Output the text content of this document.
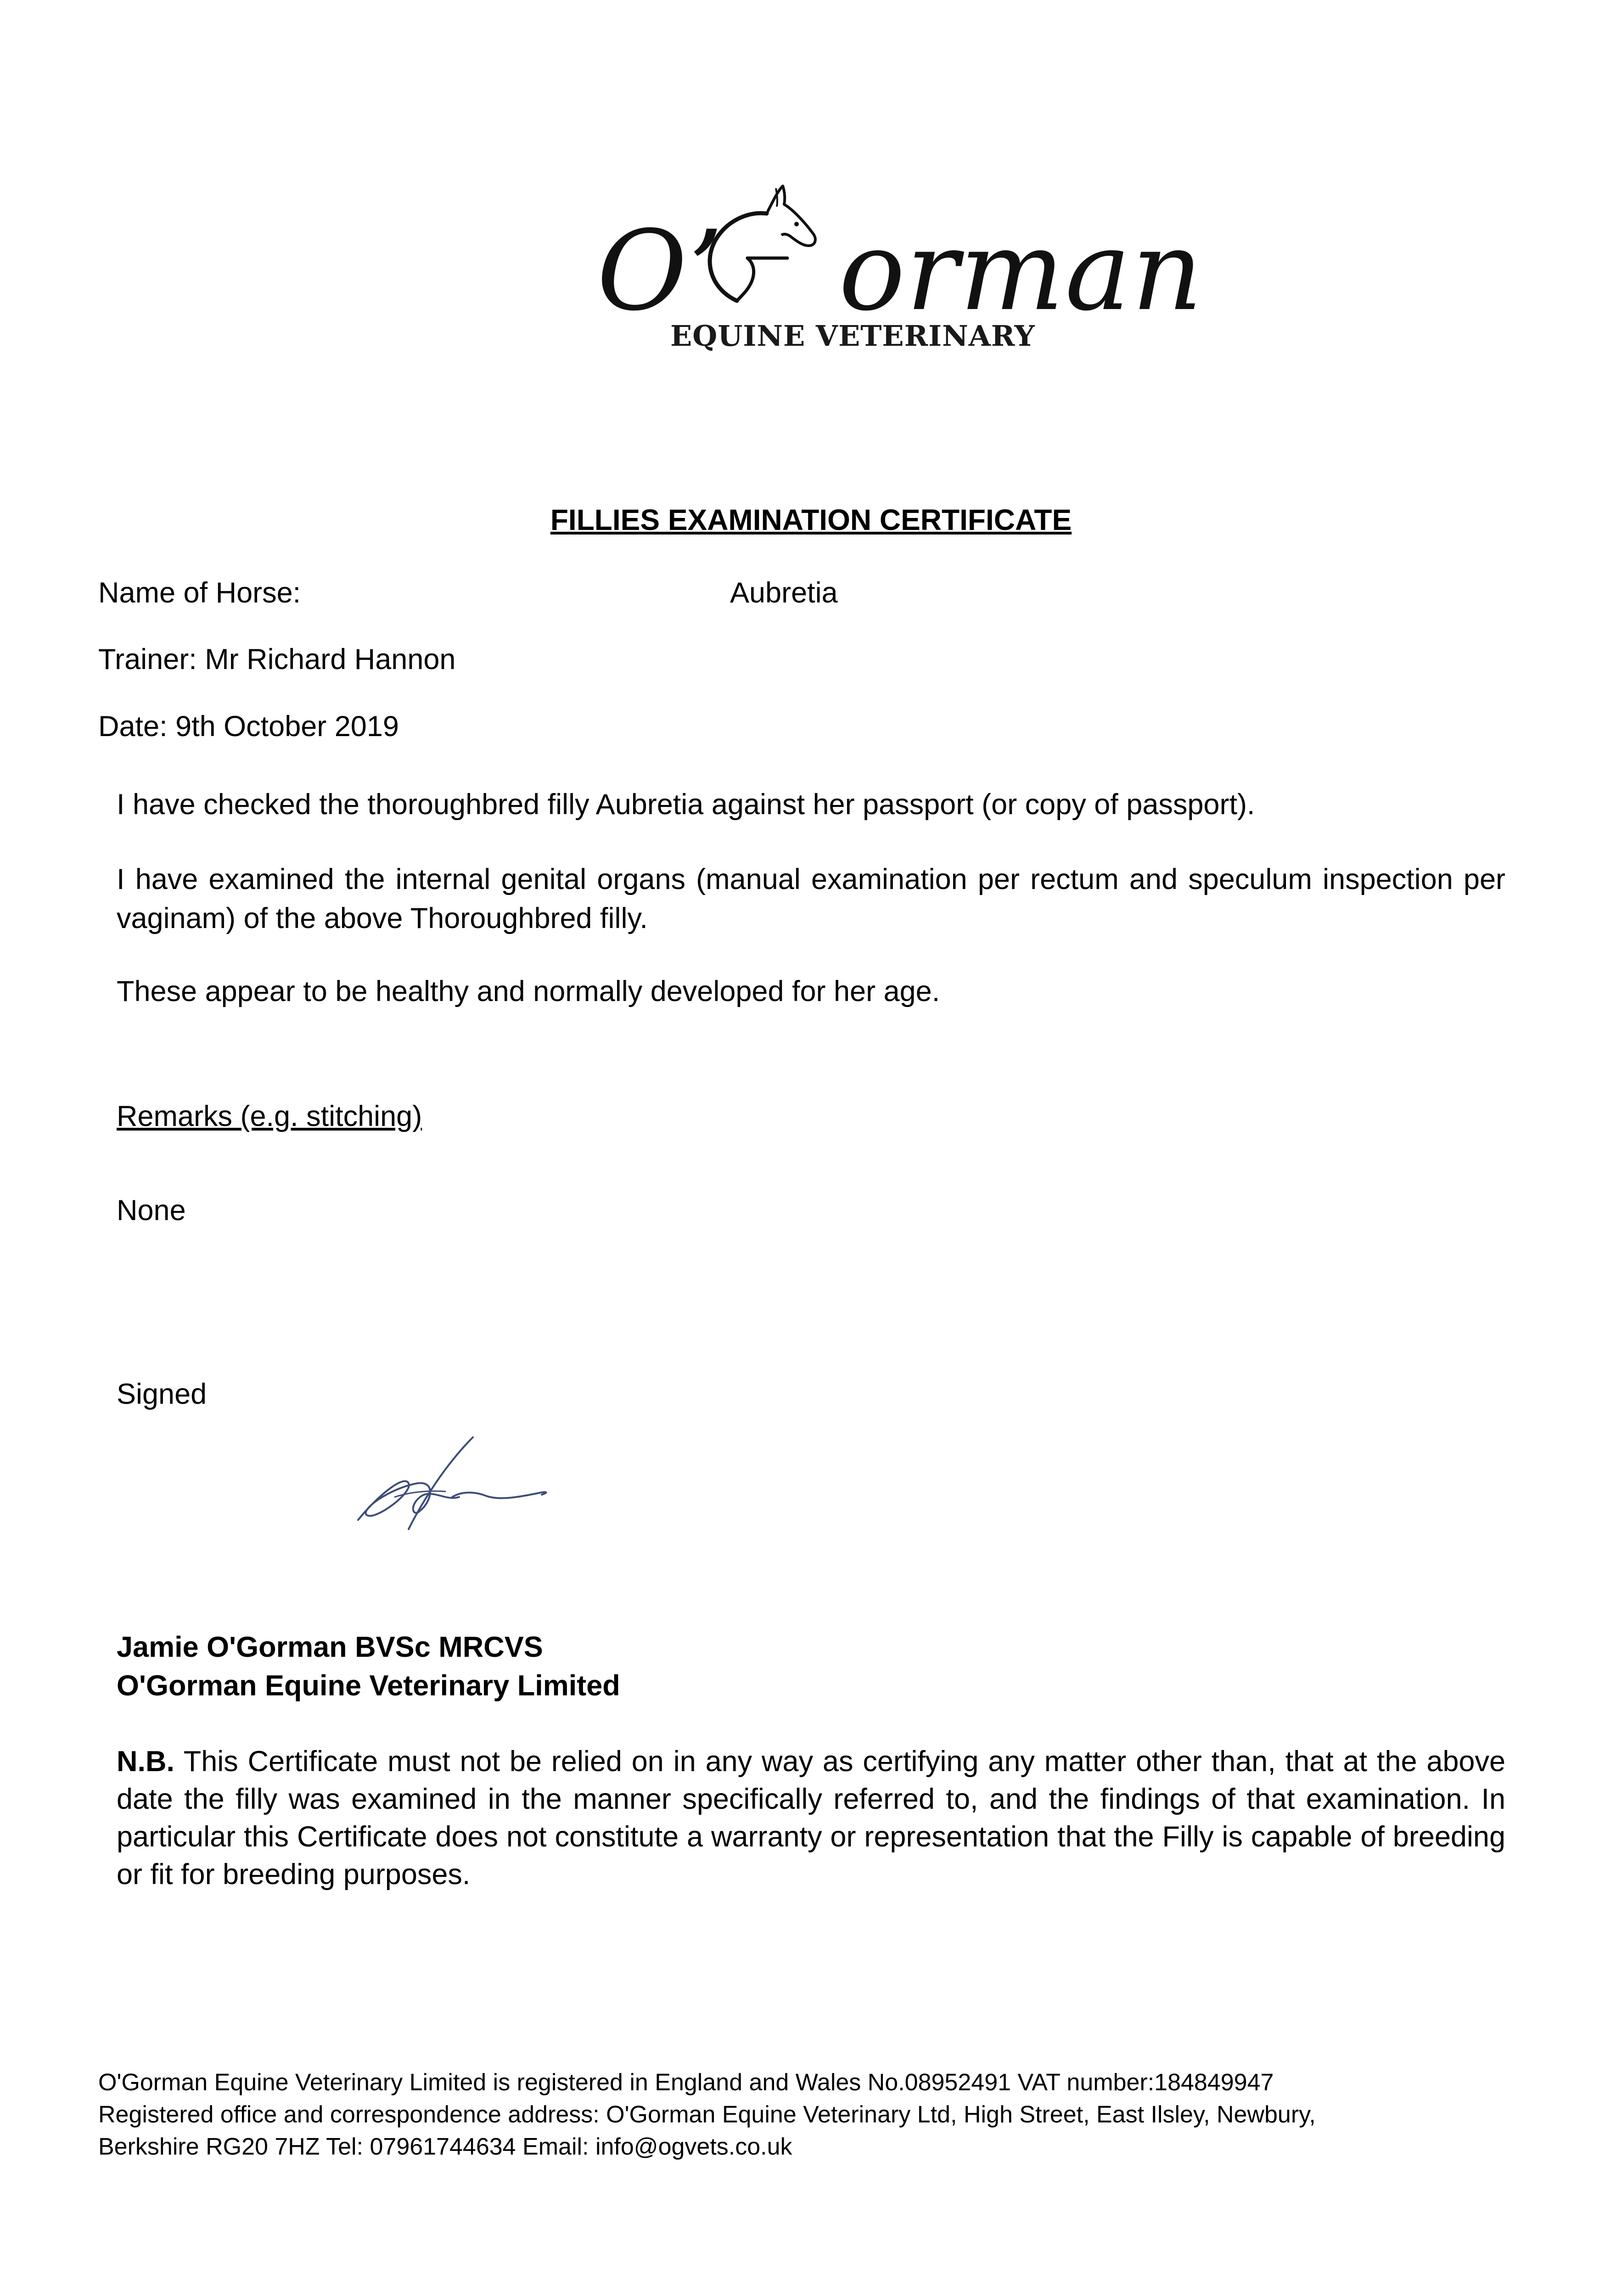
O’ orman
EQUINE VETERINARY
FILLIES EXAMINATION CERTIFICATE
Name of Horse:	Aubretia
Trainer: Mr Richard Hannon
Date: 9th October 2019
I have checked the thoroughbred filly Aubretia against her passport (or copy of passport).
I have examined the internal genital organs (manual examination per rectum and speculum inspection per vaginam) of the above Thoroughbred filly.
These appear to be healthy and normally developed for her age.
Remarks (e.g. stitching)
None
Signed
Jamie O'Gorman BVSc MRCVS
O'Gorman Equine Veterinary Limited
N.B. This Certificate must not be relied on in any way as certifying any matter other than, that at the above date the filly was examined in the manner specifically referred to, and the findings of that examination. In particular this Certificate does not constitute a warranty or representation that the Filly is capable of breeding or fit for breeding purposes.
O'Gorman Equine Veterinary Limited is registered in England and Wales No.08952491 VAT number:184849947
Registered office and correspondence address: O'Gorman Equine Veterinary Ltd, High Street, East Ilsley, Newbury,
Berkshire RG20 7HZ Tel: 07961744634 Email: info@ogvets.co.uk
